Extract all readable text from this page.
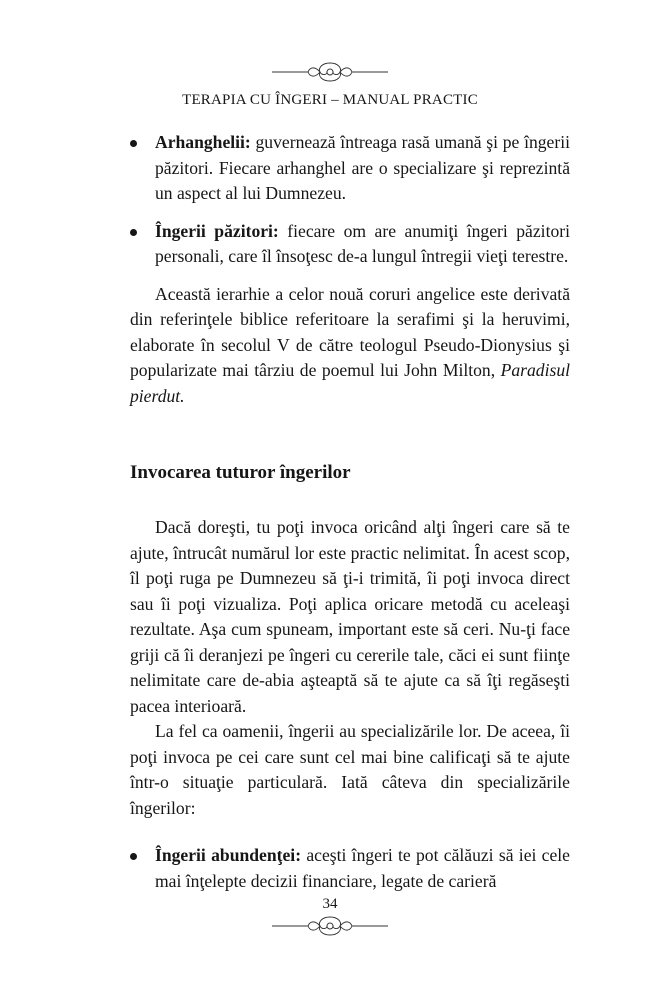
TERAPIA CU ÎNGERI – MANUAL PRACTIC
Arhanghelii: guvernează întreaga rasă umană şi pe îngerii păzitori. Fiecare arhanghel are o specializare şi reprezintă un aspect al lui Dumnezeu.
Îngerii păzitori: fiecare om are anumiţi îngeri păzitori personali, care îl însoţesc de-a lungul întregii vieţi terestre.

Această ierarhie a celor nouă coruri angelice este derivată din referinţele biblice referitoare la serafimi şi la heruvimi, elaborate în secolul V de către teologul Pseudo-Dionysius şi popularizate mai târziu de poemul lui John Milton, Paradisul pierdut.

Invocarea tuturor îngerilor

Dacă doreşti, tu poţi invoca oricând alţi îngeri care să te ajute, întrucât numărul lor este practic nelimitat. În acest scop, îl poţi ruga pe Dumnezeu să ţi-i trimită, îi poţi invoca direct sau îi poţi vizualiza. Poţi aplica oricare metodă cu aceleaşi rezultate. Aşa cum spuneam, important este să ceri. Nu-ţi face griji că îi deranjezi pe îngeri cu cererile tale, căci ei sunt fiinţe nelimitate care de-abia aşteaptă să te ajute ca să îţi regăseşti pacea interioară.

La fel ca oamenii, îngerii au specializările lor. De aceea, îi poţi invoca pe cei care sunt cel mai bine calificaţi să te ajute într-o situaţie particulară. Iată câteva din specializările îngerilor:

Îngerii abundenţei: aceşti îngeri te pot călăuzi să iei cele mai înţelepte decizii financiare, legate de carieră
34
